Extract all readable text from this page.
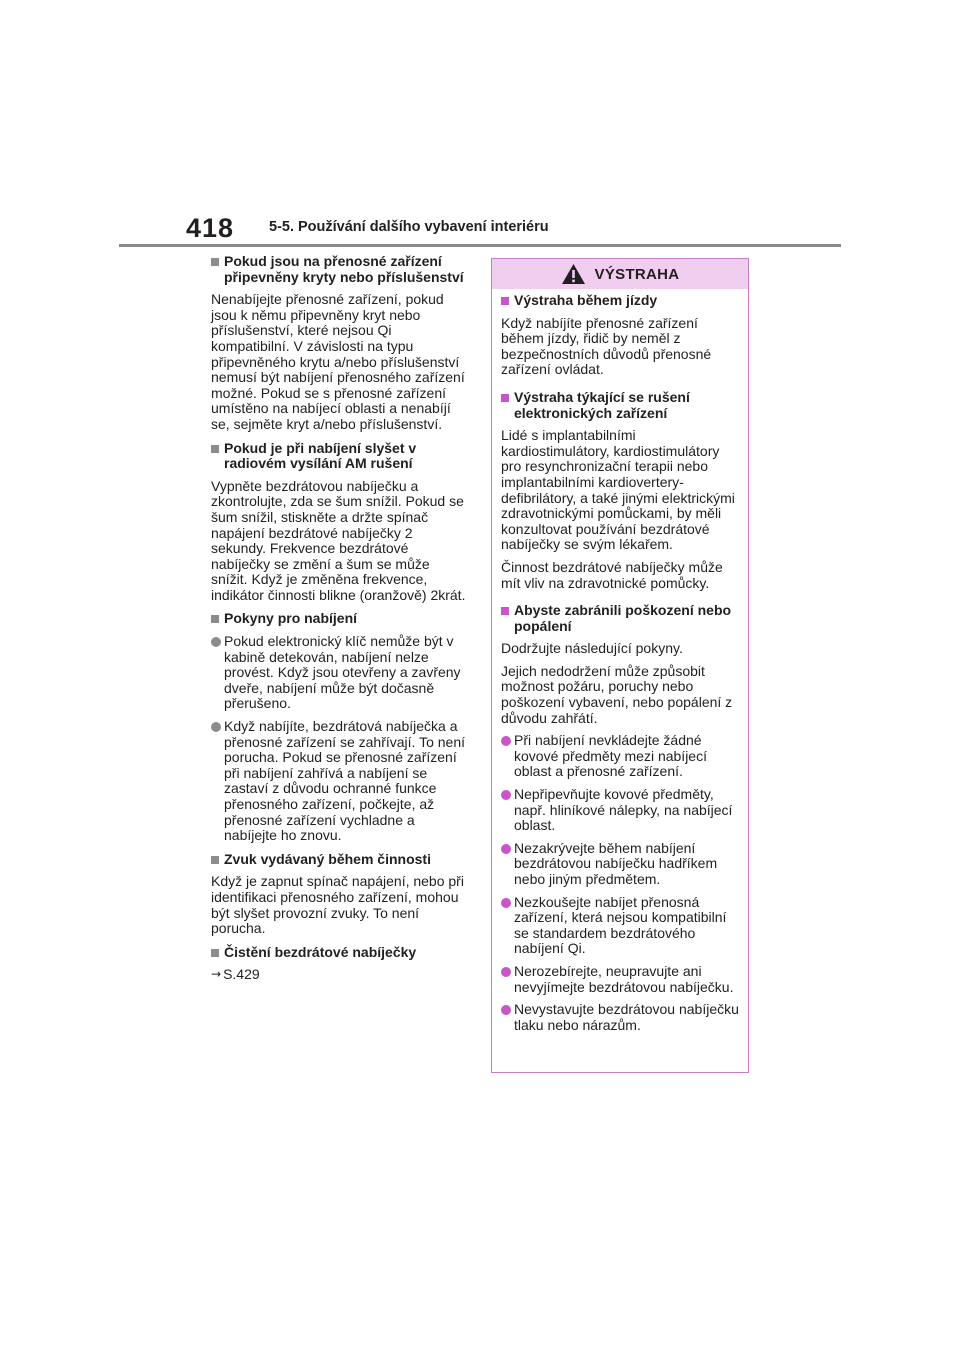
418 5-5. Používání dalšího vybavení interiéru
Pokud jsou na přenosné zařízení připevněny kryty nebo příslušenství
Nenabíjejte přenosné zařízení, pokud jsou k němu připevněny kryt nebo příslušenství, které nejsou Qi kompatibilní. V závislosti na typu připevněného krytu a/nebo příslušenství nemusí být nabíjení přenosného zařízení možné. Pokud se s přenosné zařízení umístěno na nabíjecí oblasti a nenabíjí se, sejměte kryt a/nebo příslušenství.
Pokud je při nabíjení slyšet v radiovém vysílání AM rušení
Vypněte bezdrátovou nabíječku a zkontrolujte, zda se šum snížil. Pokud se šum snížil, stiskněte a držte spínač napájení bezdrátové nabíječky 2 sekundy. Frekvence bezdrátové nabíječky se změní a šum se může snížit. Když je změněna frekvence, indikátor činnosti blikne (oranžově) 2krát.
Pokyny pro nabíjení
Pokud elektronický klíč nemůže být v kabině detekován, nabíjení nelze provést. Když jsou otevřeny a zavřeny dveře, nabíjení může být dočasně přerušeno.
Když nabíjíte, bezdrátová nabíječka a přenosné zařízení se zahřívají. To není porucha. Pokud se přenosné zařízení při nabíjení zahřívá a nabíjení se zastaví z důvodu ochranné funkce přenosného zařízení, počkejte, až přenosné zařízení vychladne a nabíjejte ho znovu.
Zvuk vydávaný během činnosti
Když je zapnut spínač napájení, nebo při identifikaci přenosného zařízení, mohou být slyšet provozní zvuky. To není porucha.
Čistění bezdrátové nabíječky
→ S.429
VÝSTRAHA
Výstraha během jízdy
Když nabíjíte přenosné zařízení během jízdy, řidič by neměl z bezpečnostních důvodů přenosné zařízení ovládat.
Výstraha týkající se rušení elektronických zařízení
Lidé s implantabilními kardiostimulátory, kardiostimulátory pro resynchronizační terapii nebo implantabilními kardiovertery-defibrilátory, a také jinými elektrickými zdravotnickými pomůckami, by měli konzultovat používání bezdrátové nabíječky se svým lékařem.
Činnost bezdrátové nabíječky může mít vliv na zdravotnické pomůcky.
Abyste zabránili poškození nebo popálení
Dodržujte následující pokyny.
Jejich nedodržení může způsobit možnost požáru, poruchy nebo poškození vybavení, nebo popálení z důvodu zahřátí.
Při nabíjení nevkládejte žádné kovové předměty mezi nabíjecí oblast a přenosné zařízení.
Nepřipevňujte kovové předměty, např. hliníkové nálepky, na nabíjecí oblast.
Nezakrývejte během nabíjení bezdrátovou nabíječku hadříkem nebo jiným předmětem.
Nezkoušejte nabíjet přenosná zařízení, která nejsou kompatibilní se standardem bezdrátového nabíjení Qi.
Nerozebírejte, neupravujte ani nevyjímejte bezdrátovou nabíječku.
Nevystavujte bezdrátovou nabíječku tlaku nebo nárazům.
